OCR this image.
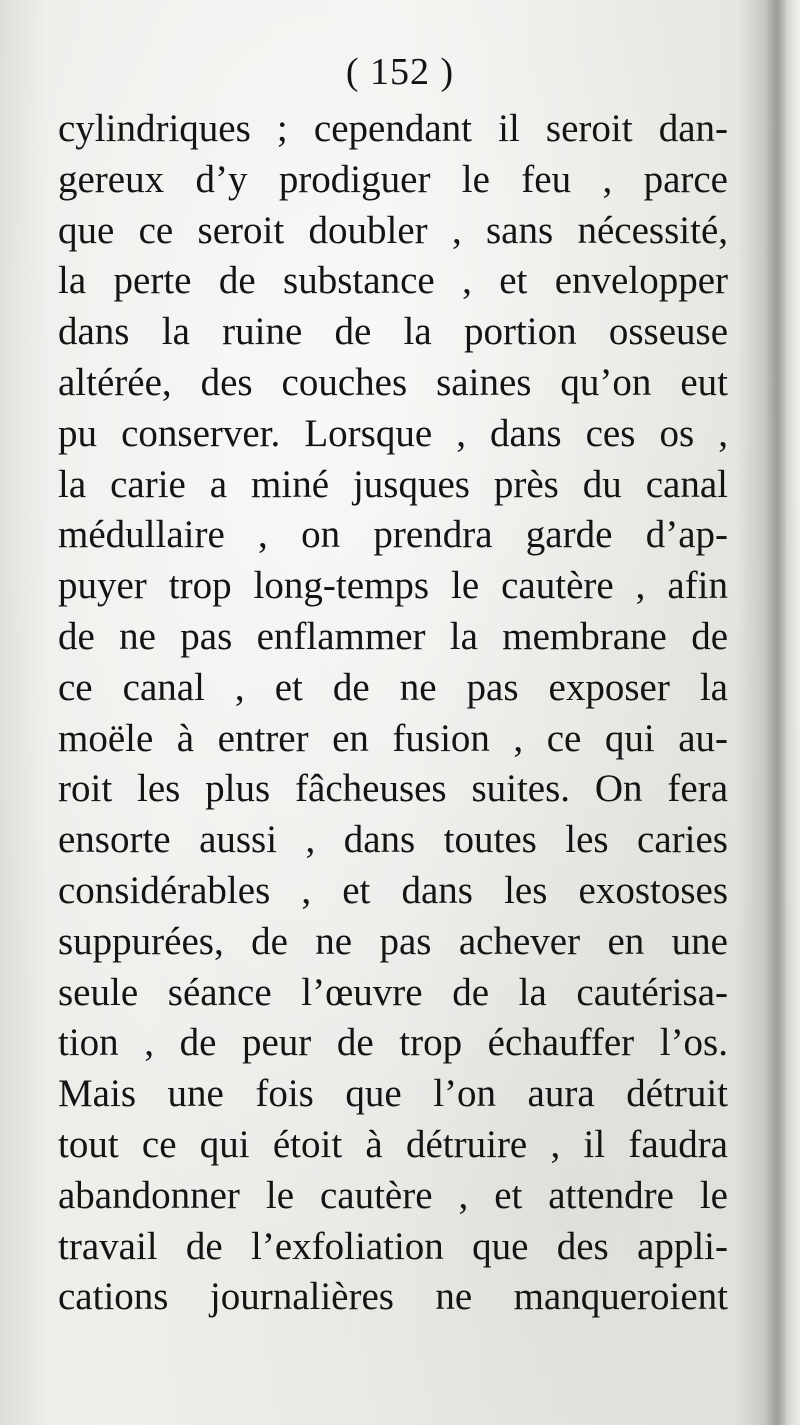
( 152 )
cylindriques ; cependant il seroit dan-
gereux d’y prodiguer le feu , parce
que ce seroit doubler , sans nécessité,
la perte de substance , et envelopper
dans la ruine de la portion osseuse
altérée, des couches saines qu’on eut
pu conserver. Lorsque , dans ces os ,
la carie a miné jusques près du canal
médullaire , on prendra garde d’ap-
puyer trop long-temps le cautère , afin
de ne pas enflammer la membrane de
ce canal , et de ne pas exposer la
moële à entrer en fusion , ce qui au-
roit les plus fâcheuses suites. On fera
ensorte aussi , dans toutes les caries
considérables , et dans les exostoses
suppurées, de ne pas achever en une
seule séance l’œuvre de la cautérisa-
tion , de peur de trop échauffer l’os.
Mais une fois que l’on aura détruit
tout ce qui étoit à détruire , il faudra
abandonner le cautère , et attendre le
travail de l’exfoliation que des appli-
cations journalières ne manqueroient
